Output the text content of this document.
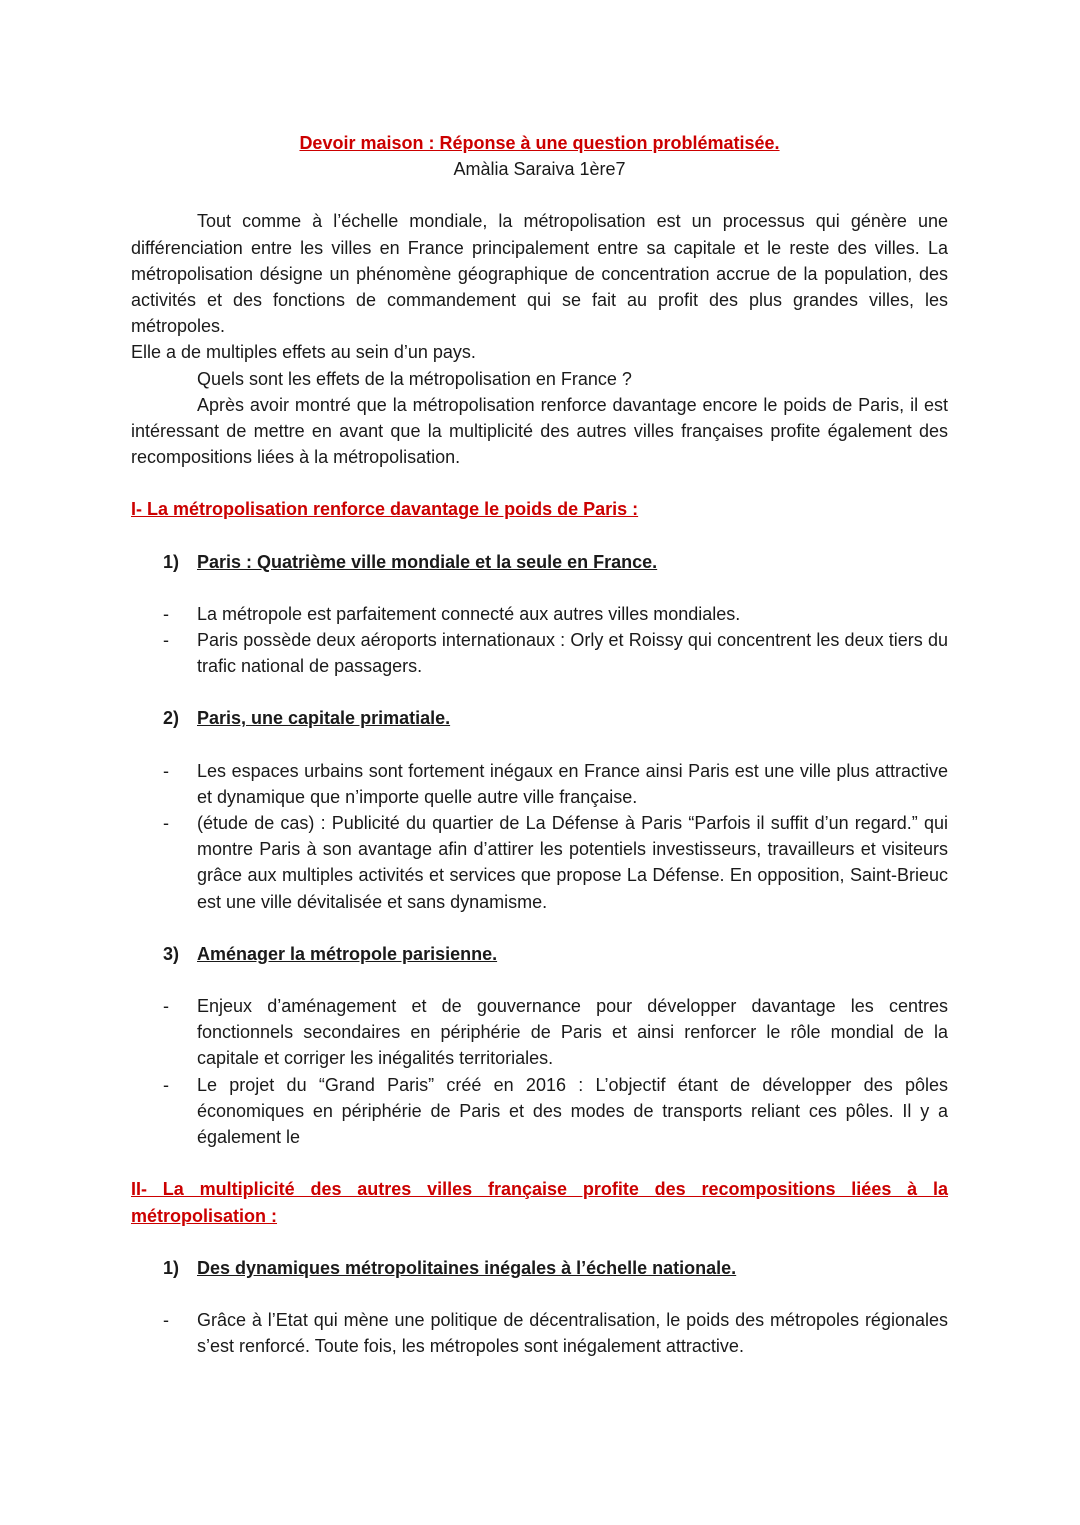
Devoir maison : Réponse à une question problématisée.

Amàlia Saraiva 1ère7

Tout comme à l’échelle mondiale, la métropolisation est un processus qui génère une différenciation entre les villes en France principalement entre sa capitale et le reste des villes. La métropolisation désigne un phénomène géographique de concentration accrue de la population, des activités et des fonctions de commandement qui se fait au profit des plus grandes villes, les métropoles.

Elle a de multiples effets au sein d’un pays.

Quels sont les effets de la métropolisation en France ?

Après avoir montré que la métropolisation renforce davantage encore le poids de Paris, il est intéressant de mettre en avant que la multiplicité des autres villes françaises profite également des recompositions liées à la métropolisation.

I- La métropolisation renforce davantage le poids de Paris :

1) Paris : Quatrième ville mondiale et la seule en France.
-	La métropole est parfaitement connecté aux autres villes mondiales.
-	Paris possède deux aéroports internationaux : Orly et Roissy qui concentrent les deux tiers du trafic national de passagers.
2) Paris, une capitale primatiale.
-	Les espaces urbains sont fortement inégaux en France ainsi Paris est une ville plus attractive et dynamique que n’importe quelle autre ville française.
-	(étude de cas) : Publicité du quartier de La Défense à Paris “Parfois il suffit d’un regard.” qui montre Paris à son avantage afin d’attirer les potentiels investisseurs, travailleurs et visiteurs grâce aux multiples activités et services que propose La Défense. En opposition, Saint-Brieuc est une ville dévitalisée et sans dynamisme.
3) Aménager la métropole parisienne.
-	Enjeux d’aménagement et de gouvernance pour développer davantage les centres fonctionnels secondaires en périphérie de Paris et ainsi renforcer le rôle mondial de la capitale et corriger les inégalités territoriales.
-	Le projet du “Grand Paris” créé en 2016 : L’objectif étant de développer des pôles économiques en périphérie de Paris et des modes de transports reliant ces pôles. Il y a également le

II- La multiplicité des autres villes française profite des recompositions liées à la métropolisation :

1) Des dynamiques métropolitaines inégales à l’échelle nationale.
-	Grâce à l’Etat qui mène une politique de décentralisation, le poids des métropoles régionales s’est renforcé. Toute fois, les métropoles sont inégalement attractive.
